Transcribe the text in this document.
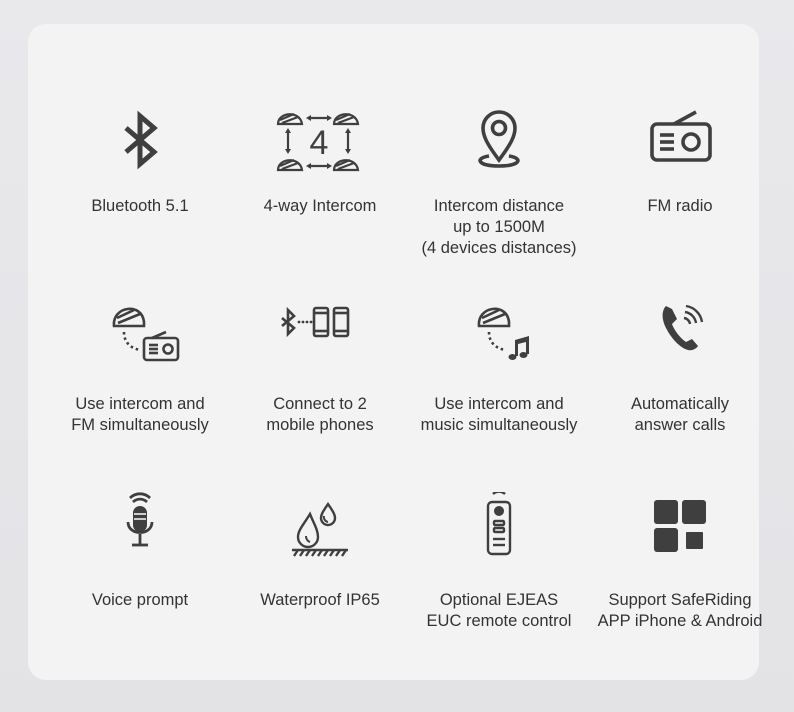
Bluetooth 5.1
4
4-way Intercom	Intercom distance
up to 1500M
(4 devices distances)
FM radio
Use intercom and
FM simultaneously
Connect to 2
mobile phones
Use intercom and
music simultaneously
Automatically
answer calls
Voice prompt	Waterproof IP65	Optional EJEAS
EUC remote control
Support SafeRiding
APP iPhone & Android
